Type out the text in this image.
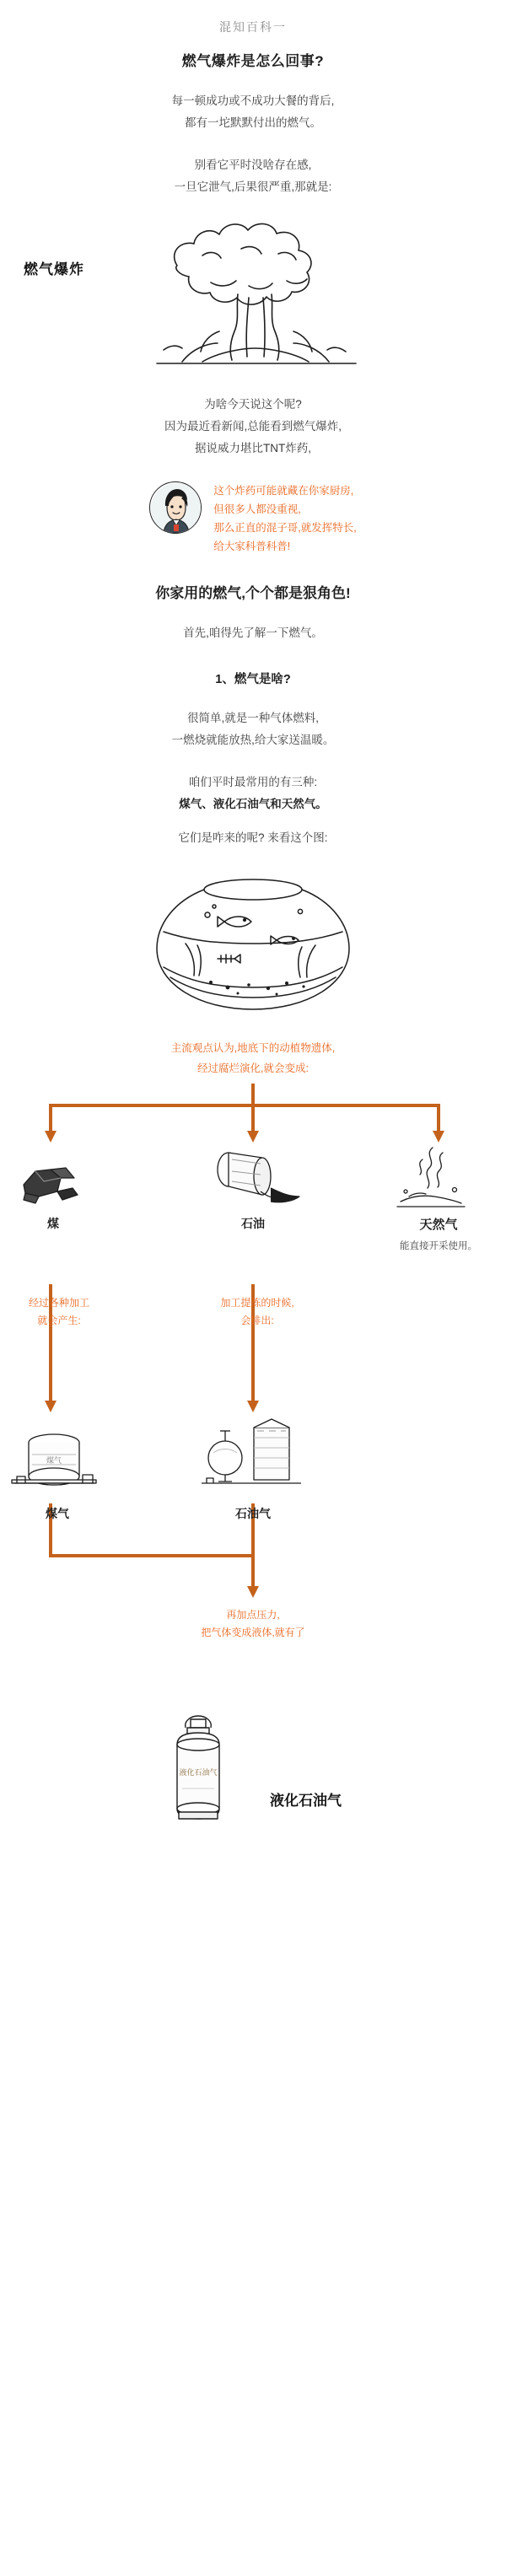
混知百科一
燃气爆炸是怎么回事?
每一顿成功或不成功大餐的背后,
都有一坨默默付出的燃气。
别看它平时没啥存在感,
一旦它泄气,后果很严重,那就是:
燃气爆炸
为啥今天说这个呢?
因为最近看新闻,总能看到燃气爆炸,
据说威力堪比TNT炸药,
这个炸药可能就藏在你家厨房,
但很多人都没重视,
那么正直的混子哥,就发挥特长,
给大家科普科普!
你家用的燃气,个个都是狠角色!
首先,咱得先了解一下燃气。
1、燃气是啥?
很简单,就是一种气体燃料,
一燃烧就能放热,给大家送温暖。
咱们平时最常用的有三种:
煤气、液化石油气和天然气。
它们是咋来的呢? 来看这个图:
主流观点认为,地底下的动植物遗体,
经过腐烂演化,就会变成:
煤	石油	天然气
能直接开采使用。
经过各种加工
就会产生:
加工提炼的时候,
会排出:
煤气
煤气	石油气
再加点压力,
把气体变成液体,就有了
液化石油气
液化石油气
